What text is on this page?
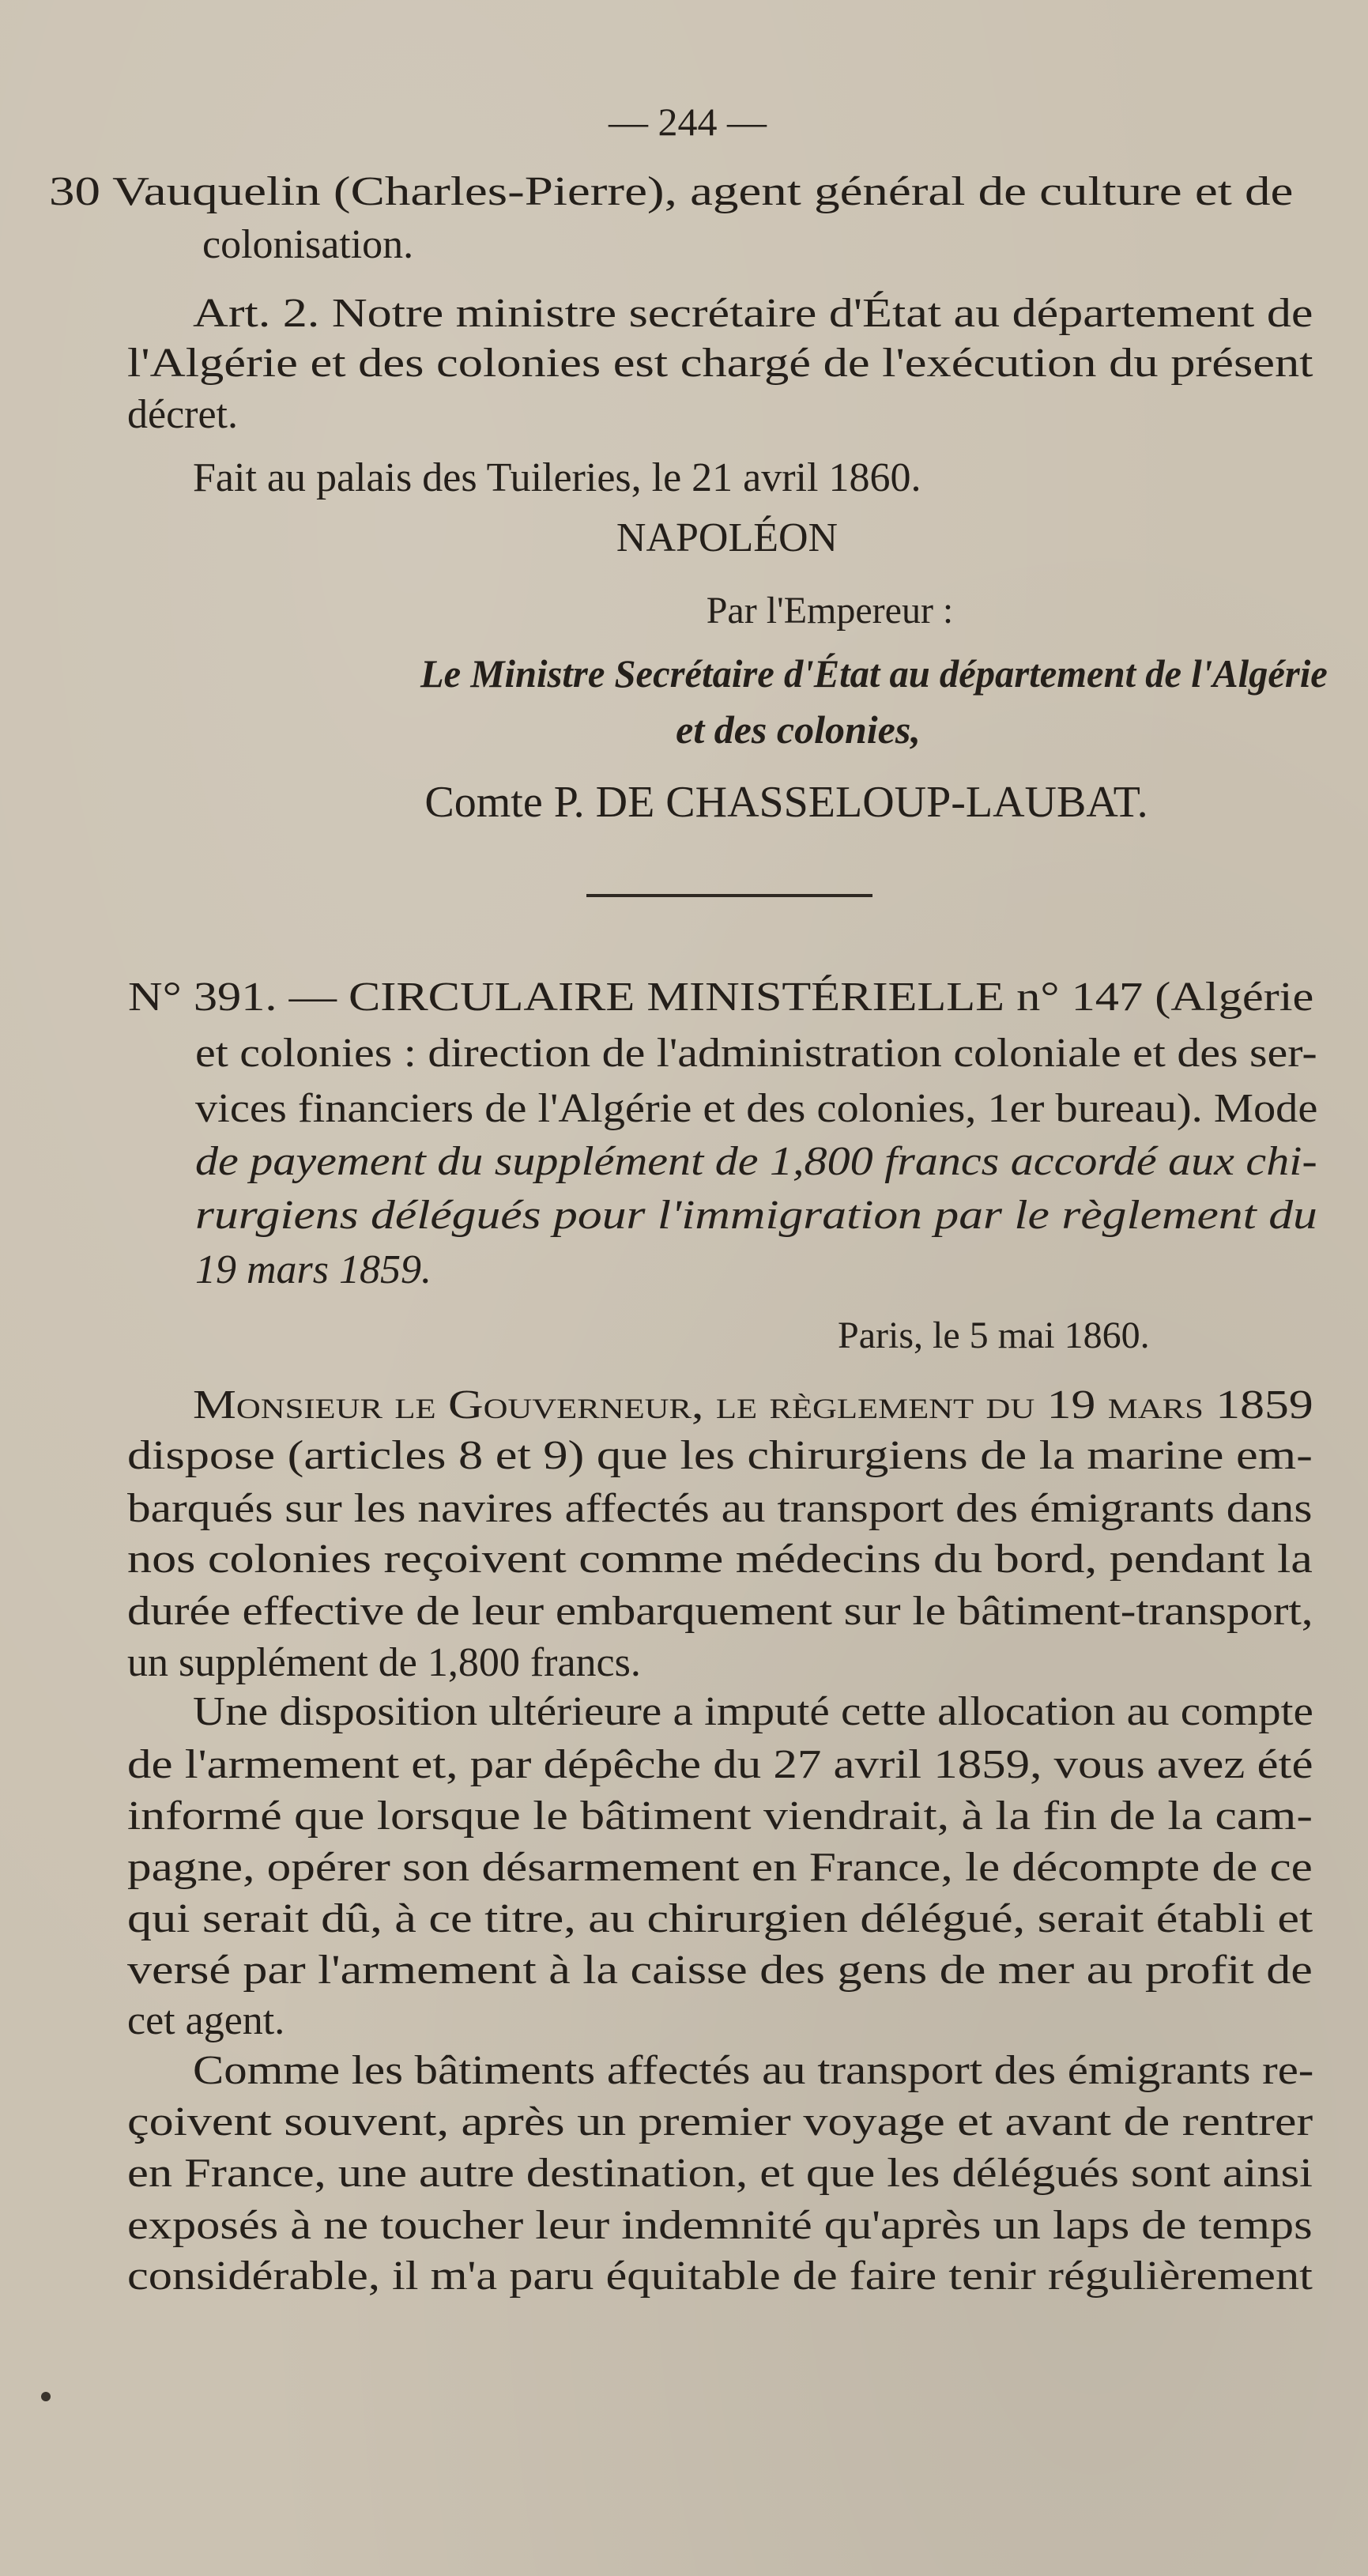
— 244 —
30 Vauquelin (Charles-Pierre), agent général de culture et de
colonisation.
Art. 2. Notre ministre secrétaire d'État au département de
l'Algérie et des colonies est chargé de l'exécution du présent
décret.
Fait au palais des Tuileries, le 21 avril 1860.
NAPOLÉON
Par l'Empereur :
Le Ministre Secrétaire d'État au département de l'Algérie
et des colonies,
Comte P. DE CHASSELOUP-LAUBAT.
N° 391. — CIRCULAIRE MINISTÉRIELLE n° 147 (Algérie
et colonies : direction de l'administration coloniale et des ser-
vices financiers de l'Algérie et des colonies, 1er bureau). Mode
de payement du supplément de 1,800 francs accordé aux chi-
rurgiens délégués pour l'immigration par le règlement du
19 mars 1859.
Paris, le 5 mai 1860.
Monsieur le Gouverneur, le règlement du 19 mars 1859
dispose (articles 8 et 9) que les chirurgiens de la marine em-
barqués sur les navires affectés au transport des émigrants dans
nos colonies reçoivent comme médecins du bord, pendant la
durée effective de leur embarquement sur le bâtiment-transport,
un supplément de 1,800 francs.
Une disposition ultérieure a imputé cette allocation au compte
de l'armement et, par dépêche du 27 avril 1859, vous avez été
informé que lorsque le bâtiment viendrait, à la fin de la cam-
pagne, opérer son désarmement en France, le décompte de ce
qui serait dû, à ce titre, au chirurgien délégué, serait établi et
versé par l'armement à la caisse des gens de mer au profit de
cet agent.
Comme les bâtiments affectés au transport des émigrants re-
çoivent souvent, après un premier voyage et avant de rentrer
en France, une autre destination, et que les délégués sont ainsi
exposés à ne toucher leur indemnité qu'après un laps de temps
considérable, il m'a paru équitable de faire tenir régulièrement
